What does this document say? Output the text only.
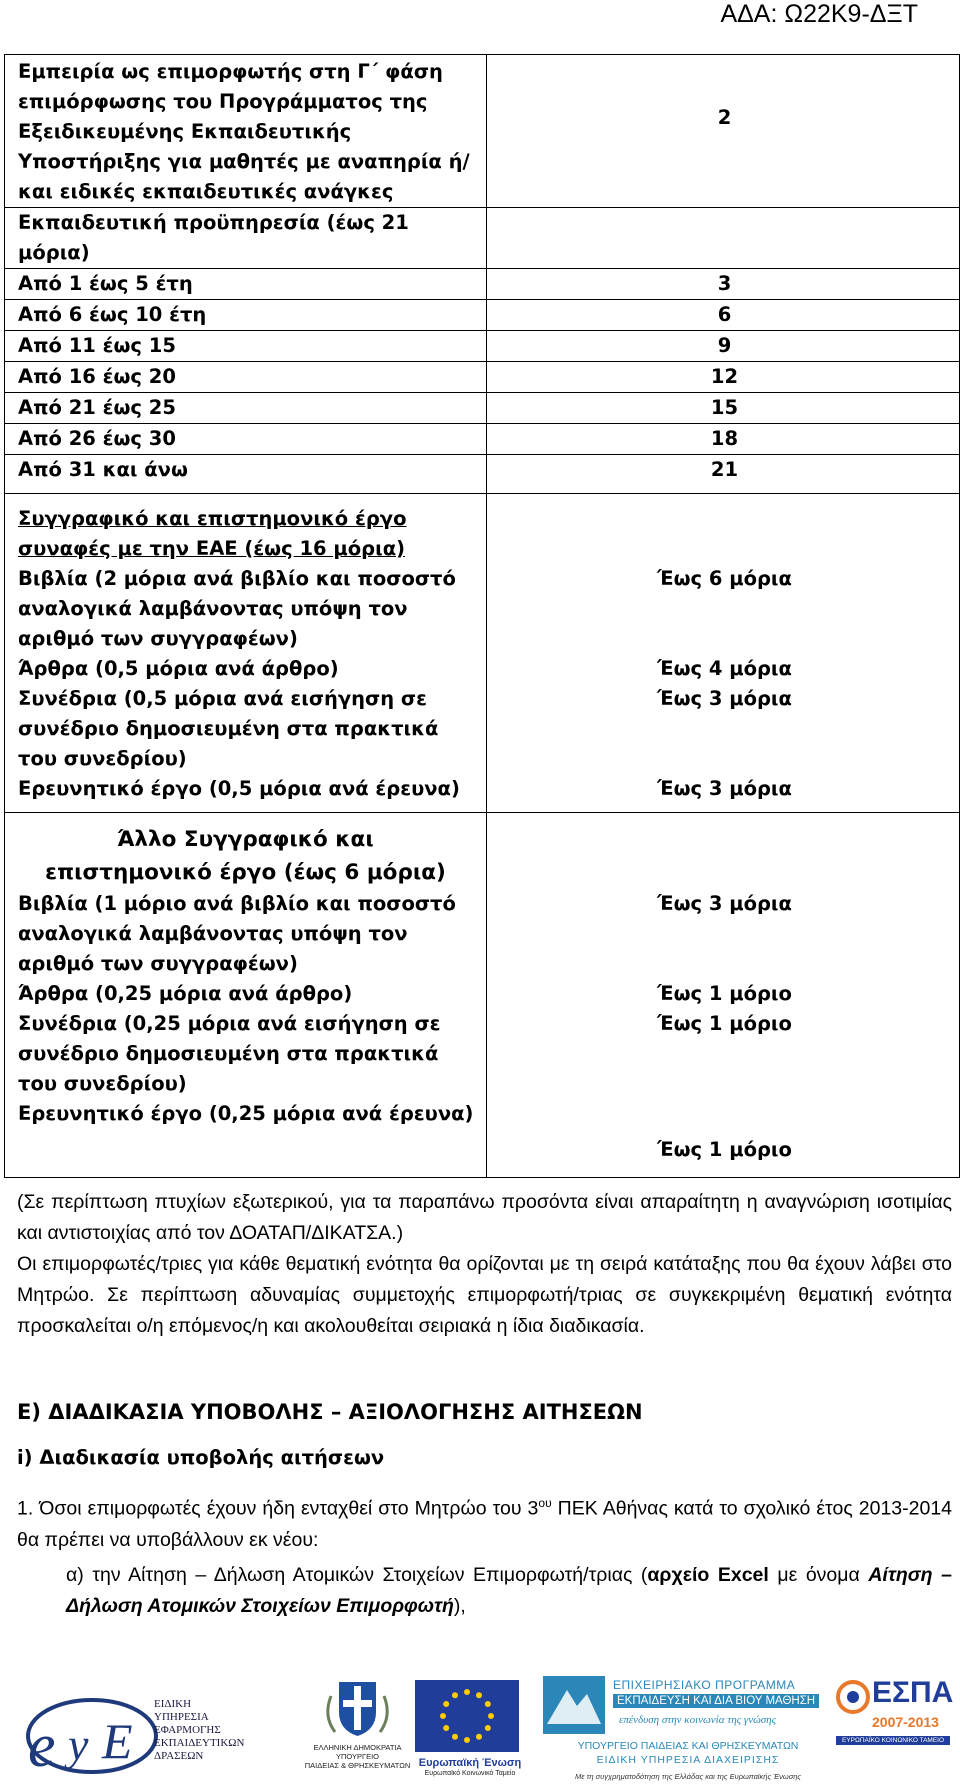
ΑΔΑ: Ω22Κ9-ΔΞΤ
Εμπειρία ως επιμορφωτής στη Γ΄ φάση επιμόρφωσης του Προγράμματος της Εξειδικευμένης Εκπαιδευτικής Υποστήριξης για μαθητές με αναπηρία ή/ και ειδικές εκπαιδευτικές ανάγκες	2
Εκπαιδευτική προϋπηρεσία (έως 21 μόρια)	
Από 1 έως 5 έτη	3
Από 6 έως 10 έτη	6
Από 11 έως 15	9
Από 16 έως 20	12
Από 21 έως 25	15
Από 26 έως 30	18
Από 31 και άνω	21
Συγγραφικό και επιστημονικό έργο συναφές με την ΕΑΕ (έως 16 μόρια)	
Βιβλία (2 μόρια ανά βιβλίο και ποσοστό αναλογικά λαμβάνοντας υπόψη τον αριθμό των συγγραφέων)	Έως 6 μόρια
Άρθρα (0,5 μόρια ανά άρθρο)	Έως 4 μόρια
Συνέδρια (0,5 μόρια ανά εισήγηση σε συνέδριο δημοσιευμένη στα πρακτικά του συνεδρίου)	Έως 3 μόρια
Ερευνητικό έργο (0,5 μόρια ανά έρευνα)	Έως 3 μόρια
Άλλο Συγγραφικό και επιστημονικό έργο (έως 6 μόρια)	
Βιβλία (1 μόριο ανά βιβλίο και ποσοστό αναλογικά λαμβάνοντας υπόψη τον αριθμό των συγγραφέων)	Έως 3 μόρια
Άρθρα (0,25 μόρια ανά άρθρο)	Έως 1 μόριο
Συνέδρια (0,25 μόρια ανά εισήγηση σε συνέδριο δημοσιευμένη στα πρακτικά του συνεδρίου)	Έως 1 μόριο
Ερευνητικό έργο (0,25 μόρια ανά έρευνα)	Έως 1 μόριο
(Σε περίπτωση πτυχίων εξωτερικού, για τα παραπάνω προσόντα είναι απαραίτητη η αναγνώριση ισοτιμίας και αντιστοιχίας από τον ΔΟΑΤΑΠ/ΔΙΚΑΤΣΑ.)
Οι επιμορφωτές/τριες για κάθε θεματική ενότητα θα ορίζονται με τη σειρά κατάταξης που θα έχουν λάβει στο Μητρώο. Σε περίπτωση αδυναμίας συμμετοχής επιμορφωτή/τριας σε συγκεκριμένη θεματική ενότητα προσκαλείται ο/η επόμενος/η και ακολουθείται σειριακά η ίδια διαδικασία.
Ε) ΔΙΑΔΙΚΑΣΙΑ ΥΠΟΒΟΛΗΣ – ΑΞΙΟΛΟΓΗΣΗΣ ΑΙΤΗΣΕΩΝ
i) Διαδικασία υποβολής αιτήσεων
1. Όσοι επιμορφωτές έχουν ήδη ενταχθεί στο Μητρώο του $3^{o\upsilon}$ ΠΕΚ Αθήνας κατά το σχολικό έτος 2013-2014 θα πρέπει να υποβάλλουν εκ νέου:
α) την Αίτηση – Δήλωση Ατομικών Στοιχείων Επιμορφωτή/τριας (αρχείο Excel με όνομα Αίτηση – Δήλωση Ατομικών Στοιχείων Επιμορφωτή),
e y E
ΕΙΔΙΚΗ
ΥΠΗΡΕΣΙΑ
ΕΦΑΡΜΟΓΗΣ
ΕΚΠΑΙΔΕΥΤΙΚΩΝ
ΔΡΑΣΕΩΝ
ΕΛΛΗΝΙΚΗ ΔΗΜΟΚΡΑΤΙΑ
ΥΠΟΥΡΓΕΙΟ
ΠΑΙΔΕΙΑΣ & ΘΡΗΣΚΕΥΜΑΤΩΝ Ευρωπαϊκή Ένωση
Ευρωπαϊκό Κοινωνικό Ταμείο
ΕΠΙΧΕΙΡΗΣΙΑΚΟ ΠΡΟΓΡΑΜΜΑ
ΕΚΠΑΙΔΕΥΣΗ ΚΑΙ ΔΙΑ ΒΙΟΥ ΜΑΘΗΣΗ
επένδυση στην κοινωνία της γνώσης
ΥΠΟΥΡΓΕΙΟ ΠΑΙΔΕΙΑΣ ΚΑΙ ΘΡΗΣΚΕΥΜΑΤΩΝ
ΕΙΔΙΚΗ ΥΠΗΡΕΣΙΑ ΔΙΑΧΕΙΡΙΣΗΣ
Με τη συγχρηματοδότηση της Ελλάδας και της Ευρωπαϊκής Ένωσης
ΕΣΠΑ
2007-2013
ΕΥΡΩΠΑΪΚΟ ΚΟΙΝΩΝΙΚΟ ΤΑΜΕΙΟ
